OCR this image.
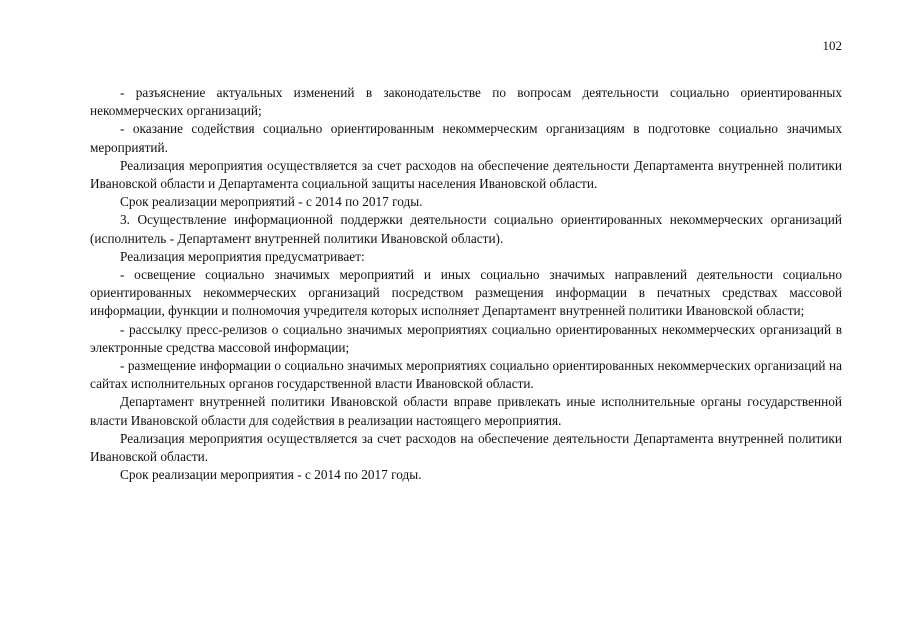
102

- разъяснение актуальных изменений в законодательстве по вопросам деятельности социально ориентированных некоммерческих организаций;

- оказание содействия социально ориентированным некоммерческим организациям в подготовке социально значимых мероприятий.

Реализация мероприятия осуществляется за счет расходов на обеспечение деятельности Департамента внутренней политики Ивановской области и Департамента социальной защиты населения Ивановской области.

Срок реализации мероприятий - с 2014 по 2017 годы.

3. Осуществление информационной поддержки деятельности социально ориентированных некоммерческих организаций (исполнитель - Департамент внутренней политики Ивановской области).

Реализация мероприятия предусматривает:

- освещение социально значимых мероприятий и иных социально значимых направлений деятельности социально ориентированных некоммерческих организаций посредством размещения информации в печатных средствах массовой информации, функции и полномочия учредителя которых исполняет Департамент внутренней политики Ивановской области;

- рассылку пресс-релизов о социально значимых мероприятиях социально ориентированных некоммерческих организаций в электронные средства массовой информации;

- размещение информации о социально значимых мероприятиях социально ориентированных некоммерческих организаций на сайтах исполнительных органов государственной власти Ивановской области.

Департамент внутренней политики Ивановской области вправе привлекать иные исполнительные органы государственной власти Ивановской области для содействия в реализации настоящего мероприятия.

Реализация мероприятия осуществляется за счет расходов на обеспечение деятельности Департамента внутренней политики Ивановской области.

Срок реализации мероприятия - с 2014 по 2017 годы.
